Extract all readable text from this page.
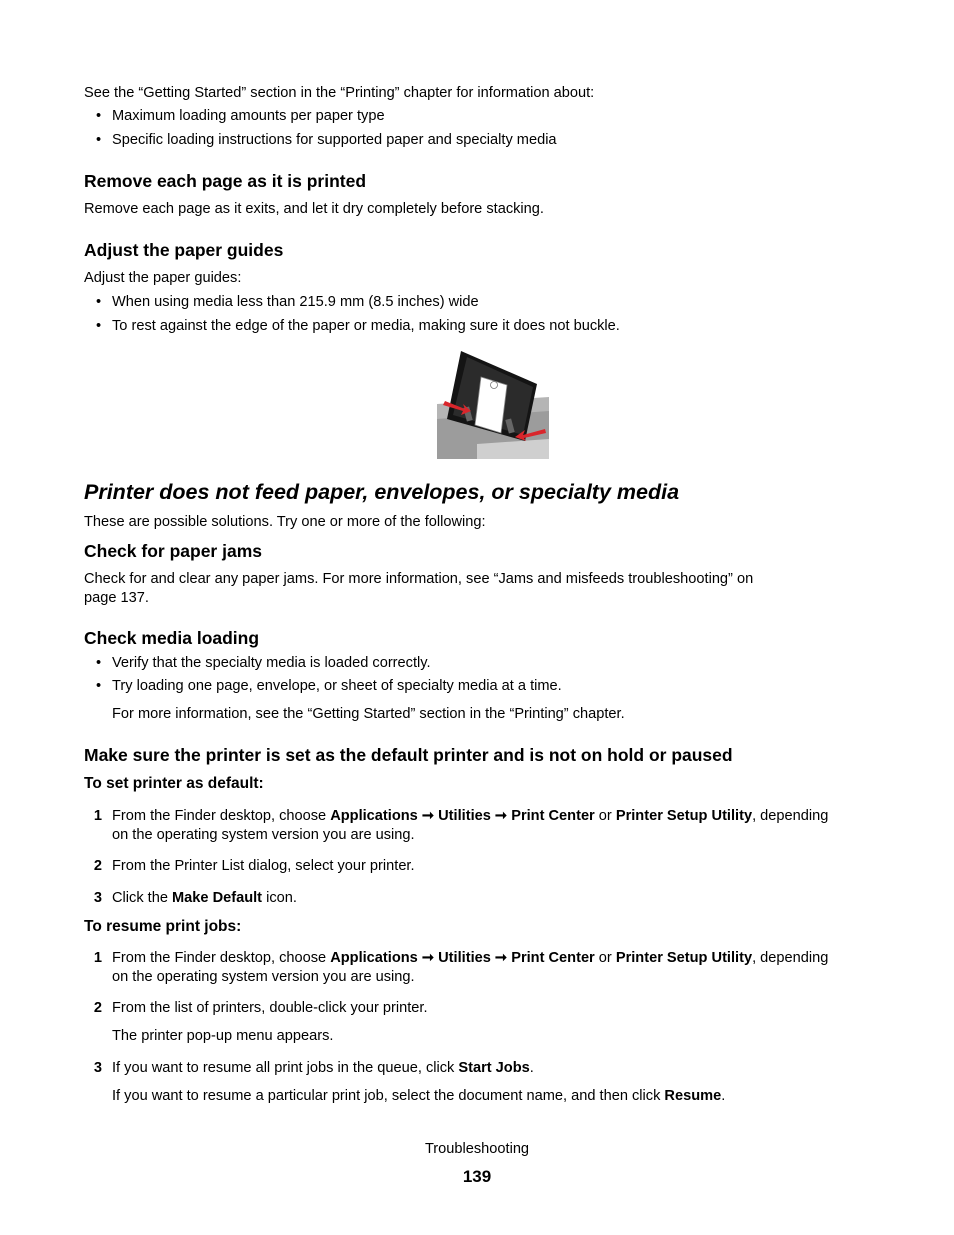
See the “Getting Started” section in the “Printing” chapter for information about:

•
Maximum loading amounts per paper type
•
Specific loading instructions for supported paper and specialty media
Remove each page as it is printed

Remove each page as it exits, and let it dry completely before stacking.

Adjust the paper guides

Adjust the paper guides:

•
When using media less than 215.9 mm (8.5 inches) wide
•
To rest against the edge of the paper or media, making sure it does not buckle.
Printer does not feed paper, envelopes, or specialty media

These are possible solutions. Try one or more of the following:

Check for paper jams

Check for and clear any paper jams. For more information, see “Jams and misfeeds troubleshooting” on

page 137.

Check media loading
•
Verify that the specialty media is loaded correctly.
•
Try loading one page, envelope, or sheet of specialty media at a time.
For more information, see the “Getting Started” section in the “Printing” chapter.
Make sure the printer is set as the default printer and is not on hold or paused
To set printer as default:
1 From the Finder desktop, choose Applications ➞ Utilities ➞ Print Center or Printer Setup Utility, depending
on the operating system version you are using.
2 From the Printer List dialog, select your printer.
3 Click the Make Default icon.
To resume print jobs:
1 From the Finder desktop, choose Applications ➞ Utilities ➞ Print Center or Printer Setup Utility, depending
on the operating system version you are using.
2 From the list of printers, double-click your printer.
The printer pop-up menu appears.
3 If you want to resume all print jobs in the queue, click Start Jobs.
If you want to resume a particular print job, select the document name, and then click Resume.
Troubleshooting
139
